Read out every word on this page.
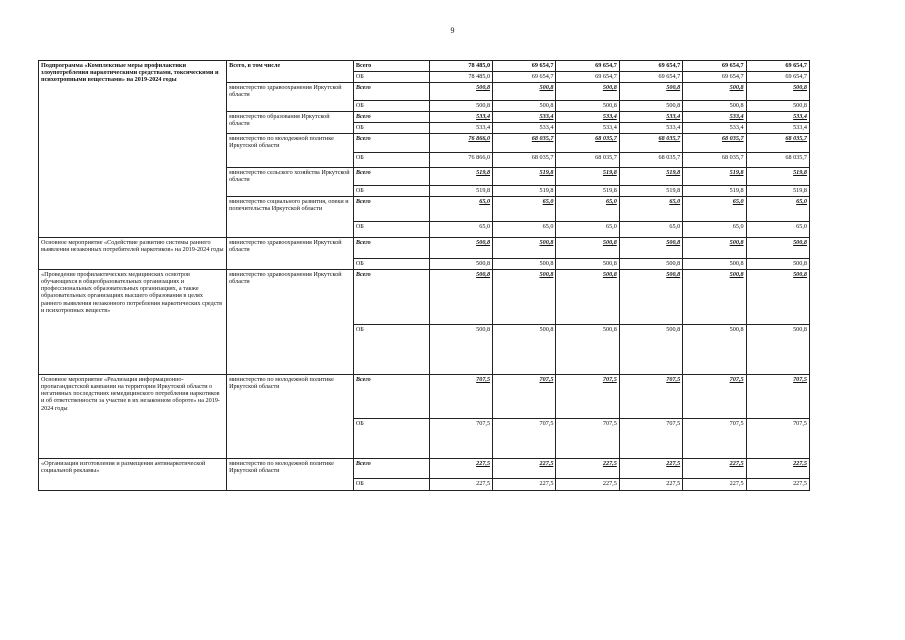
9
Подпрограмма «Комплексные меры профилактики злоупотребления наркотическими средствами, токсическими и психотропными веществами» на 2019-2024 годы	Всего, в том числе	Всего	78 485,0	69 654,7	69 654,7	69 654,7	69 654,7	69 654,7
		ОБ	78 485,0	69 654,7	69 654,7	69 654,7	69 654,7	69 654,7
	министерство здравоохранения Иркутской области	Всего	500,8	500,8	500,8	500,8	500,8	500,8
		ОБ	500,8	500,8	500,8	500,8	500,8	500,8
	министерство образования Иркутской области	Всего	533,4	533,4	533,4	533,4	533,4	533,4
		ОБ	533,4	533,4	533,4	533,4	533,4	533,4
	министерство по молодежной политике Иркутской области	Всего	76 866,0	68 035,7	68 035,7	68 035,7	68 035,7	68 035,7
		ОБ	76 866,0	68 035,7	68 035,7	68 035,7	68 035,7	68 035,7
	министерство сельского хозяйства Иркутской области	Всего	519,8	519,8	519,8	519,8	519,8	519,8
		ОБ	519,8	519,8	519,8	519,8	519,8	519,8
	министерство социального развития, опеки и попечительства Иркутской области	Всего	65,0	65,0	65,0	65,0	65,0	65,0
		ОБ	65,0	65,0	65,0	65,0	65,0	65,0
Основное мероприятие «Содействие развитию системы раннего выявления незаконных потребителей наркотиков» на 2019-2024 годы	министерство здравоохранения Иркутской области	Всего	500,8	500,8	500,8	500,8	500,8	500,8
		ОБ	500,8	500,8	500,8	500,8	500,8	500,8
«Проведение профилактических медицинских осмотров обучающихся в общеобразовательных организациях и профессиональных образовательных организациях, а также образовательных организациях высшего образования в целях раннего выявления незаконного потребления наркотических средств и психотропных веществ»	министерство здравоохранения Иркутской области	Всего	500,8	500,8	500,8	500,8	500,8	500,8
		ОБ	500,8	500,8	500,8	500,8	500,8	500,8
Основное мероприятие «Реализация информационно-пропагандистской кампании на территории Иркутской области о негативных последствиях немедицинского потребления наркотиков и об ответственности за участие в их незаконном обороте» на 2019-2024 годы	министерство по молодежной политике Иркутской области	Всего	707,5	707,5	707,5	707,5	707,5	707,5
		ОБ	707,5	707,5	707,5	707,5	707,5	707,5
«Организация изготовления и размещения антинаркотической социальной рекламы»	министерство по молодежной политике Иркутской области	Всего	227,5	227,5	227,5	227,5	227,5	227,5
		ОБ	227,5	227,5	227,5	227,5	227,5	227,5
